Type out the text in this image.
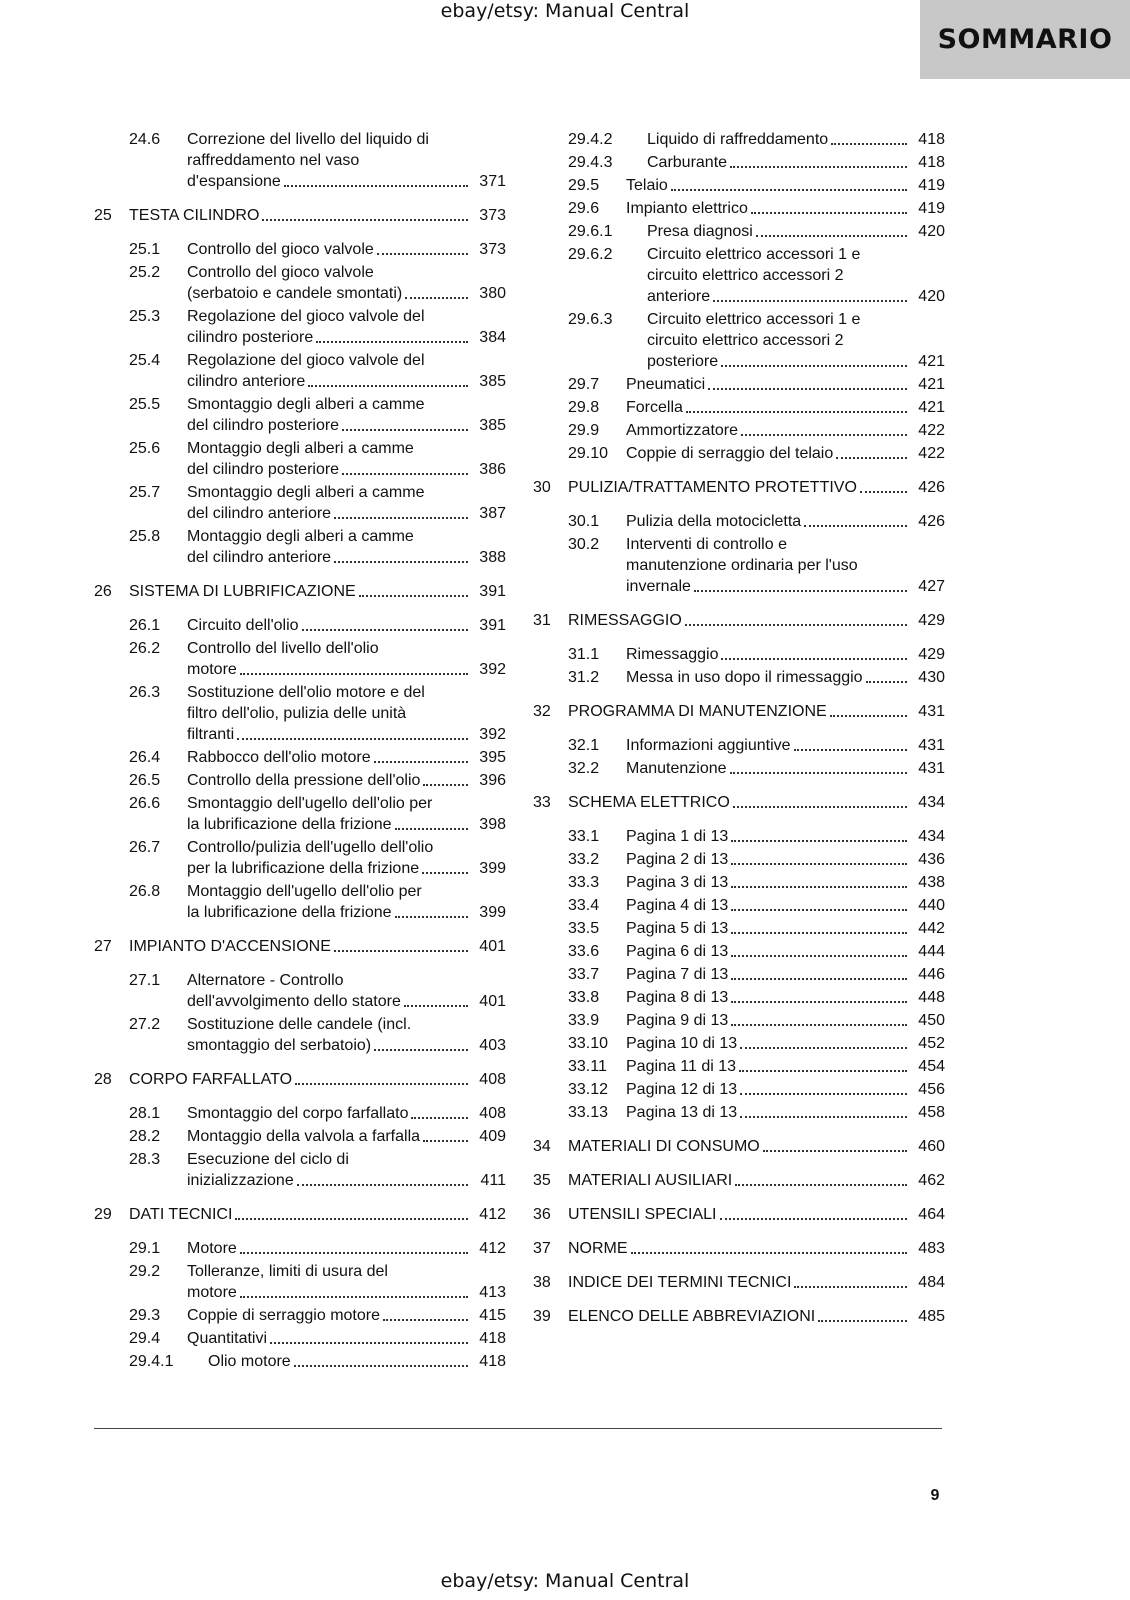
ebay/etsy: Manual Central
SOMMARIO
24.6 Correzione del livello del liquido di
raffreddamento nel vaso
d'espansione	371
25 TESTA CILINDRO	373
25.1 Controllo del gioco valvole	373
25.2 Controllo del gioco valvole
(serbatoio e candele smontati)	380
25.3 Regolazione del gioco valvole del
cilindro posteriore	384
25.4 Regolazione del gioco valvole del
cilindro anteriore	385
25.5 Smontaggio degli alberi a camme
del cilindro posteriore	385
25.6 Montaggio degli alberi a camme
del cilindro posteriore	386
25.7 Smontaggio degli alberi a camme
del cilindro anteriore	387
25.8 Montaggio degli alberi a camme
del cilindro anteriore	388
26 SISTEMA DI LUBRIFICAZIONE	391
26.1 Circuito dell'olio	391
26.2 Controllo del livello dell'olio
motore	392
26.3 Sostituzione dell'olio motore e del
filtro dell'olio, pulizia delle unità
filtranti	392
26.4 Rabbocco dell'olio motore	395
26.5 Controllo della pressione dell'olio	396
26.6 Smontaggio dell'ugello dell'olio per
la lubrificazione della frizione	398
26.7 Controllo/pulizia dell'ugello dell'olio
per la lubrificazione della frizione	399
26.8 Montaggio dell'ugello dell'olio per
la lubrificazione della frizione	399
27 IMPIANTO D'ACCENSIONE	401
27.1 Alternatore - Controllo
dell'avvolgimento dello statore	401
27.2 Sostituzione delle candele (incl.
smontaggio del serbatoio)	403
28 CORPO FARFALLATO	408
28.1 Smontaggio del corpo farfallato	408
28.2 Montaggio della valvola a farfalla	409
28.3 Esecuzione del ciclo di
inizializzazione	411
29 DATI TECNICI	412
29.1 Motore	412
29.2 Tolleranze, limiti di usura del
motore	413
29.3 Coppie di serraggio motore	415
29.4 Quantitativi	418
29.4.1 Olio motore	418
29.4.2 Liquido di raffreddamento	418
29.4.3 Carburante	418
29.5 Telaio	419
29.6 Impianto elettrico	419
29.6.1 Presa diagnosi	420
29.6.2 Circuito elettrico accessori 1 e
circuito elettrico accessori 2
anteriore	420
29.6.3 Circuito elettrico accessori 1 e
circuito elettrico accessori 2
posteriore	421
29.7 Pneumatici	421
29.8 Forcella	421
29.9 Ammortizzatore	422
29.10 Coppie di serraggio del telaio	422
30 PULIZIA/TRATTAMENTO PROTETTIVO	426
30.1 Pulizia della motocicletta	426
30.2 Interventi di controllo e
manutenzione ordinaria per l'uso
invernale	427
31 RIMESSAGGIO	429
31.1 Rimessaggio	429
31.2 Messa in uso dopo il rimessaggio	430
32 PROGRAMMA DI MANUTENZIONE	431
32.1 Informazioni aggiuntive	431
32.2 Manutenzione	431
33 SCHEMA ELETTRICO	434
33.1 Pagina 1 di 13	434
33.2 Pagina 2 di 13	436
33.3 Pagina 3 di 13	438
33.4 Pagina 4 di 13	440
33.5 Pagina 5 di 13	442
33.6 Pagina 6 di 13	444
33.7 Pagina 7 di 13	446
33.8 Pagina 8 di 13	448
33.9 Pagina 9 di 13	450
33.10 Pagina 10 di 13	452
33.11 Pagina 11 di 13	454
33.12 Pagina 12 di 13	456
33.13 Pagina 13 di 13	458
34 MATERIALI DI CONSUMO	460
35 MATERIALI AUSILIARI	462
36 UTENSILI SPECIALI	464
37 NORME	483
38 INDICE DEI TERMINI TECNICI	484
39 ELENCO DELLE ABBREVIAZIONI	485
9
ebay/etsy: Manual Central
